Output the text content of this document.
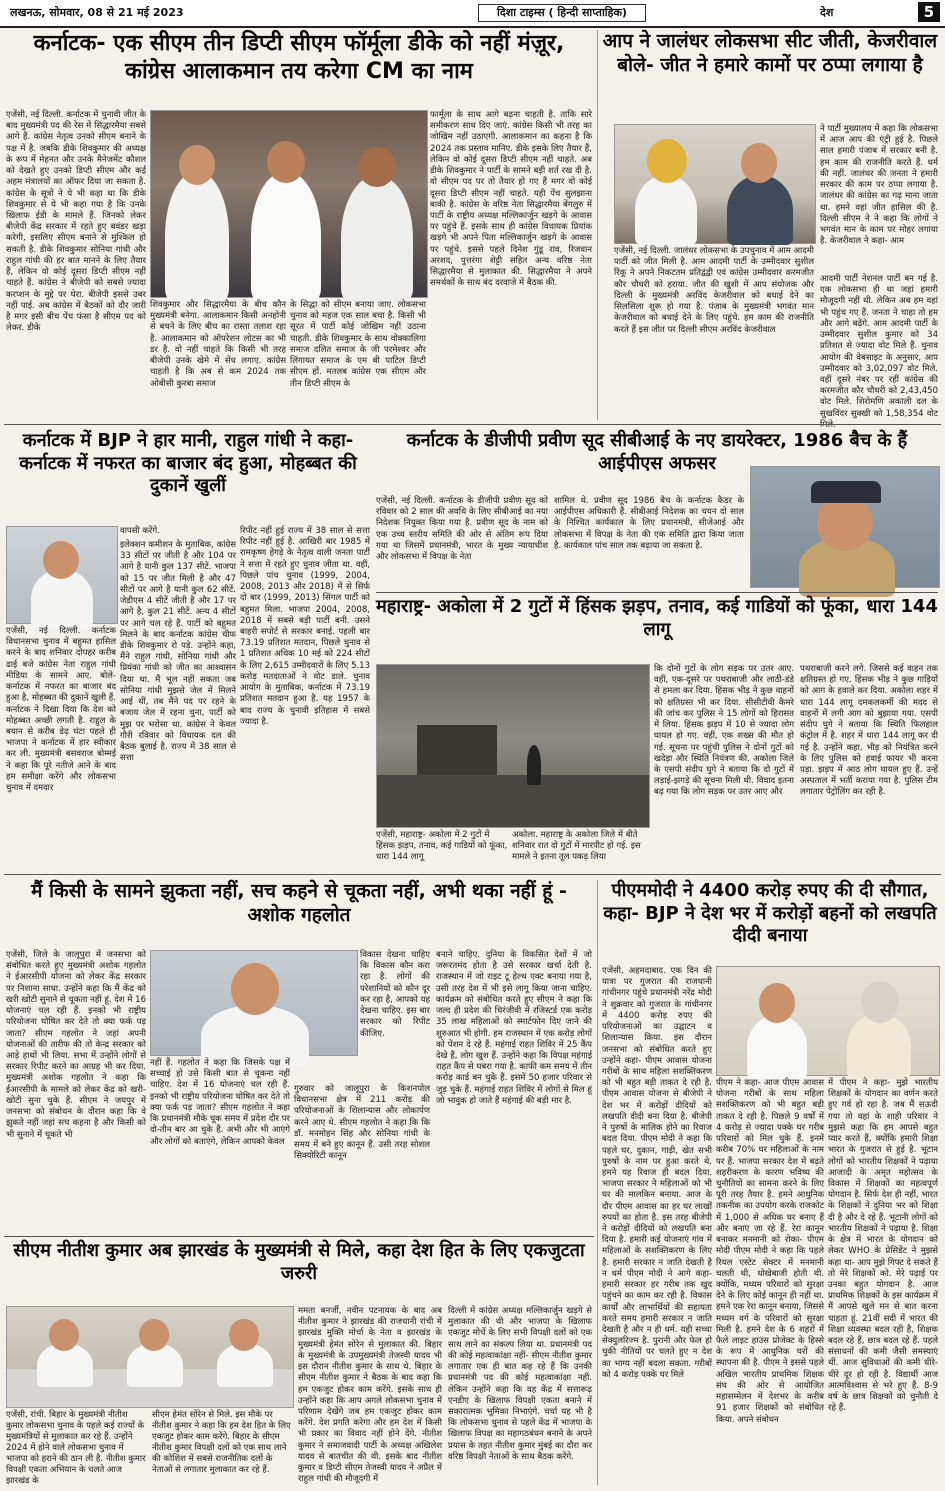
लखनऊ, सोमवार, 08 से 21 मई 2023	दिशा टाइम्स ( हिन्दी साप्ताहिक)	देश	5
कर्नाटक- एक सीएम तीन डिप्टी सीएम फॉर्मूला डीके को नहीं मंज़ूर, कांग्रेस आलाकमान तय करेगा CM का नाम
एजेंसी, नई दिल्ली. कर्नाटक में चुनावी जीत के बाद मुख्यमंत्री पद की रेस में सिद्धारमैया सबसे आगे हैं. कांग्रेस नेतृत्व उनको सीएम बनाने के पक्ष में है. जबकि डीके शिवकुमार की अध्यक्ष के रूप में मेहनत और उनके मैनेजमेंट कौशल को देखते हुए उनको डिप्टी सीएम और कई अहम मंत्रालयों का ऑफर दिया जा सकता है. कांग्रेस के सूत्रों ने ये भी कहा था कि डीके शिवकुमार से ये भी कहा गया है कि उनके खिलाफ ईडी के मामले हैं. जिनको लेकर बीजेपी केंद्र सरकार में रहते हुए बवंडर खड़ा करेगी, इसलिए सीएम बनाने से मुश्किल हो सकती है. डीके शिवकुमार सोनिया गांधी और राहुल गांधी की हर बात मानने के लिए तैयार हैं, लेकिन वो कोई दूसरा डिप्टी सीएम नहीं चाहते हैं. कांग्रेस ने बीजेपी को सबसे ज्यादा करप्शन के मुद्दे पर घेरा. बीजेपी इससे उबर नहीं पाई. अब कांग्रेस में बैठकों को दौर जारी है मगर इसी बीच पेंच फंसा है सीएम पद को लेकर. डीके
शिवकुमार और सिद्धारमैया के बीच कौन मुख्यमंत्री बनेगा. आलाकमान किसी अनहोनी से बचने के लिए बीच का रास्ता तलाश रहा है. आलाकमान को ऑपरेशन लोटस का भी डर है. वो नहीं चाहते कि किसी भी तरह बीजेपी उनके खेमे में सेंध लगाए. कांग्रेस चाहती है कि अब से कम 2024 तक ओबीसी कुरबा समाज
के सिद्धा को सीएम बनाया जाए. लोकसभा चुनाव को महज एक साल बचा है. किसी भी सूरत में पार्टी कोई जोखिम नहीं उठाना चाहती. डीके शिवकुमार के साथ वोक्कालिगा समाज दलित समाज के जी परमेश्वर और लिंगायत समाज के एम बी पाटिल डिप्टी सीएम हों. मतलब कांग्रेस एक सीएम और तीन डिप्टी सीएम के
फार्मूला के साथ आगे बढ़ना चाहती है. ताकि सारे समीकरण साध दिए जाएं. कांग्रेस किसी भी तरह का जोखिम नहीं उठाएगी. आलाकमान का कहना है कि 2024 तक प्रस्ताव मानिए. डीके इसके लिए तैयार हैं, लेकिन वो कोई दूसरा डिप्टी सीएम नहीं चाहते. अब डीके शिवकुमार ने पार्टी के सामने बड़ी शर्त रख दी है. वो सीएम पद पर तो तैयार हो गए हैं मगर वो कोई दूसरा डिप्टी सीएम नहीं चाहते. यही पेंच सुलझाना बाकी है. कांग्रेस के वरिष्ठ नेता सिद्धारमैया बेंगलुरु में पार्टी के राष्ट्रीय अध्यक्ष मल्लिकार्जुन खड़गे के आवास पर पहुंचे हैं. इसके साथ ही कांग्रेस विधायक प्रियांक खड़गे भी अपने पिता मल्लिकार्जुन खड़गे के आवास पर पहुंचे. इससे पहले दिनेश गुंडू राव, रिजवान अरशद, पुत्तरंगा शेट्टी सहित अन्य वरिष्ठ नेता सिद्धारमैया से मुलाकात की. सिद्धारमैया ने अपने समर्थकों के साथ बंद दरवाजे में बैठक की.
आप ने जालंधर लोकसभा सीट जीती, केजरीवाल बोले- जीत ने हमारे कामों पर ठप्पा लगाया है
ने पार्टी मुख्यालय में कहा कि लोकसभा में आज आप की एंट्री हुई है. पिछले साल हमारी पंजाब में सरकार बनी है. हम काम की राजनीति करते हैं. धर्म की नहीं. जालंधर की जनता ने हमारी सरकार की काम पर ठप्पा लगाया है. जालंधर की कांग्रेस का गढ़ माना जाता था. हमने वहां जीत हासिल की है. दिल्ली सीएम ने ने कहा कि लोगों ने भगवंत मान के काम पर मोहर लगाया है. केजरीवाल ने कहा- आम
एजेंसी, नई दिल्ली. जालंधर लोकसभा के उपचुनाव में आम आदमी पार्टी को जीत मिली है. आम आदमी पार्टी के उम्मीदवार सुशील रिंकू ने अपने निकटतम प्रतिद्वंद्वी एवं कांग्रेस उम्मीदवार करमजीत कौर चौधरी को हराया. जीत की खुशी में आप संयोजक और दिल्ली के मुख्यमंत्री अरविंद केजरीवाल को बधाई देने का सिलसिला शुरू हो गया है. पंजाब के मुख्यमंत्री भगवंत मान केजरीवाल को बधाई देने के लिए पहुंचे. हम काम की राजनीति करते हैं इस जीत पर दिल्ली सीएम अरविंद केजरीवाल
आदमी पार्टी नेशनल पार्टी बन गई है. एक लोकसभा ही था जहां हमारी मौजूदगी नहीं थी. लेकिन अब हम वहां भी पहुंच गए हैं. जनता ने चाहा तो हम और आगे बढ़ेंगे. आम आदमी पार्टी के उम्मीदवार सुशील कुमार को 34 प्रतिशत से ज्यादा वोट मिले हैं. चुनाव आयोग की वेबसाइट के अनुसार, आप उम्मीदवार को 3,02,097 वोट मिले. वहीं दूसरे नंबर पर रहीं कांग्रेस की करमजीत कौर चौधरी को 2,43,450 वोट मिले. शिरोमणि अकाली दल के सुखविंदर सुक्खी को 1,58,354 वोट
कर्नाटक में BJP ने हार मानी, राहुल गांधी ने कहा- कर्नाटक में नफरत का बाजार बंद हुआ, मोहब्बत की दुकानें खुलीं
वापसी करेंगे.
एजेंसी, नई दिल्ली. कर्नाटक विधानसभा चुनाव में बहुमत हासिल करने के बाद शनिवार दोपहर करीब ढाई बजे कांग्रेस नेता राहुल गांधी मीडिया के सामने आए. बोले- कर्नाटक में नफरत का बाजार बंद हुआ है, मोहब्बत की दुकानें खुली हैं. कर्नाटक ने दिखा दिया कि देश को मोहब्बत अच्छी लगती है. राहुल के बयान से करीब डेढ़ घंटा पहले ही भाजपा ने कर्नाटक में हार स्वीकार कर ली. मुख्यमंत्री बसवराज बोम्मई ने कहा कि पूरे नतीजे आने के बाद हम समीक्षा करेंगे और लोकसभा चुनाव में दमदार
इलेक्शन कमीशन के मुताबिक, कांग्रेस 33 सीटों पर जीती है और 104 पर आगे है यानी कुल 137 सीटें. भाजपा को 15 पर जीत मिली है और 47 सीटों पर आगे है यानी कुल 62 सीटें. जेडीएस 4 सीटें जीती है और 17 पर आगे है, कुल 21 सीटें. अन्य 4 सीटों पर आगे चल रहे हैं. पार्टी को बहुमत मिलने के बाद कर्नाटक कांग्रेस चीफ डीके शिवकुमार रो पड़े. उन्होंने कहा, मैंने राहुल गांधी, सोनिया गांधी और प्रियंका गांधी को जीत का आश्वासन दिया था. मैं भूल नहीं सकता जब सोनिया गांधी मुझसे जेल में मिलने आई थीं, तब मैंने पद पर रहने के बजाय जेल में रहना चुना, पार्टी को मुझ पर भरोसा था. कांग्रेस ने केवल गौरी रविवार को विधायक दल की बैठक बुलाई है. राज्य में 38 साल से सत्ता
रिपीट नहीं हुई राज्य में 38 साल से सत्ता रिपीट नहीं हुई है. आखिरी बार 1985 में रामकृष्ण हेगड़े के नेतृत्व वाली जनता पार्टी ने सत्ता में रहते हुए चुनाव जीता था. वहीं, पिछले पांच चुनाव (1999, 2004, 2008, 2013 और 2018) में से सिर्फ दो बार (1999, 2013) सिंगल पार्टी को बहुमत मिला. भाजपा 2004, 2008, 2018 में सबसे बड़ी पार्टी बनी. उसने बाहरी सपोर्ट से सरकार बनाई. पहली बार 73.19 प्रतिशत मतदान, पिछले चुनाव से 1 प्रतिशत अधिक 10 मई को 224 सीटों के लिए 2,615 उम्मीदवारों के लिए 5.13 करोड़ मतदाताओं ने वोट डाले. चुनाव आयोग के मुताबिक, कर्नाटक में 73.19 प्रतिशत मतदान हुआ है. यह 1957 के बाद राज्य के चुनावी इतिहास में सबसे ज्यादा है.
कर्नाटक के डीजीपी प्रवीण सूद सीबीआई के नए डायरेक्टर, 1986 बैच के हैं आईपीएस अफसर
एजेंसी, नई दिल्ली. कर्नाटक के डीजीपी प्रवीण सूद को रविवार को 2 साल की अवधि के लिए सीबीआई का नया निदेशक नियुक्त किया गया है. प्रवीण सूद के नाम को एक उच्च स्तरीय समिति की ओर से अंतिम रूप दिया गया था जिसमें प्रधानमंत्री, भारत के मुख्य न्यायाधीश और लोकसभा में विपक्ष के नेता
शामिल थे. प्रवीण सूद 1986 बैच के कर्नाटक कैडर के आईपीएस अधिकारी हैं. सीबीआई निदेशक का चयन दो साल के निश्चित कार्यकाल के लिए प्रधानमंत्री, सीजेआई और लोकसभा में विपक्ष के नेता की एक समिति द्वारा किया जाता है. कार्यकाल पांच साल तक बढ़ाया जा सकता है.
महाराष्ट्र- अकोला में 2 गुटों में हिंसक झड़प, तनाव, कई गाडियों को फूंका, धारा 144 लागू
एजेंसी, महाराष्ट्र- अकोला में 2 गुटों में हिंसक झड़प, तनाव, कई गाडियों को फूंका, धारा 144 लागू
अकोला. महाराष्ट्र के अकोला जिले में बीते शनिवार रात दो गुटों में मारपीट हो गई. इस मामले ने इतना तूल पकड़ लिया
कि दोनों गुटों के लोग सड़क पर उतर आए. वहीं, एक-दूसरे पर पथराबाजी और लाठी-डंडे से हमला कर दिया. हिंसक भीड़ ने कुछ वाहनों को क्षतिग्रस्त भी कर दिया. सीसीटीवी कैमरे की जांच कर पुलिस ने 15 लोगों को हिरासत में लिया. हिंसक झड़प में 10 से ज्यादा लोग घायल हो गए. वहीं, एक शख्स की मौत हो गई. सूचना पर पहुंची पुलिस ने दोनों गुटों को खदेड़ा और स्थिति नियंत्रण की. अकोला जिले के एसपी संदीप घुगे ने बताया कि दो गुटों में लड़ाई-झगड़े की सूचना मिली थी. विवाद इतना बढ़ गया कि लोग सड़क पर उतर आए और
पथराबाजी करने लगे. जिससे कई वाहन तक क्षतिग्रस्त हो गए. हिंसक भीड़ ने कुछ गाड़ियों को आग के हवाले कर दिया. अकोला शहर में धारा 144 लागू दमकलकर्मी की मदद से वाहनों में लगी आग को बुझाया गया. एसपी संदीप घुगे ने बताया कि स्थिति फिलहाल कंट्रोल में है. शहर में धारा 144 लागू कर दी गई है. उन्होंने कहा, भीड़ को नियंत्रित करने के लिए पुलिस को हवाई फायर भी करना पड़ा. झड़प में आठ लोग घायल हुए हैं. उन्हें अस्पताल में भर्ती कराया गया है. पुलिस टीम लगातार पेट्रोलिंग कर रही है.
मैं किसी के सामने झुकता नहीं, सच कहने से चूकता नहीं, अभी थका नहीं हूं - अशोक गहलोत
एजेंसी, जिले के जालूपुरा में जनसभा को संबोधित करते हुए मुख्यमंत्री अशोक गहलोत ने ईआरसीपी योजना को लेकर केंद्र सरकार पर निशाना साधा. उन्होंने कहा कि मैं केंद्र को खरी खोटी सुनाने से चूकता नहीं हूं. देश में 16 योजनाएं चल रही हैं. इनको भी राष्ट्रीय परियोजना घोषित कर देते तो क्या फर्क पड़ जाता? सीएम गहलोत ने जहां अपनी योजनाओं की तारीफ की तो केन्द्र सरकार को आड़े हाथों भी लिया. सभा में उन्होंने लोगों से सरकार रिपीट करने का आग्रह भी कर दिया. मुख्यमंत्री अशोक गहलोत ने कहा कि ईआरसीपी के मामले को लेकर केंद्र को खरी-खोटी सुना चुके हैं. सीएम ने जयपुर में जनसभा को संबोधन के दौरान कहा कि वे झुकते नहीं जहां सच कहना है और किसी को भी सुनाने में चूकते भी
विकास देखना चाहिए कि विकास कौन करा रहा है. लोगों की परेशानियों को कौन दूर कर रहा है, आपको यह देखना चाहिए. इस बार सरकार को रिपीट कीजिए.
नहीं हैं. गहलोत ने कहा कि जिसके पक्ष में सच्चाई हो उसे किसी बात से चूकना नहीं चाहिए. देश में 16 योजनाएं चल रही हैं. इनको भी राष्ट्रीय परियोजना घोषित कर देते तो क्या फर्क पड़ जाता? सीएम गहलोत ने कहा कि प्रधानमंत्री मौके चूक समय में प्रदेश दौर पर दो-तीन बार आ चुके हैं. अभी और भी आएंगे और लोगों को बताएंगे, लेकिन आपको केवल
गुरुवार को जालूपुरा के किशनपोल विधानसभा क्षेत्र में 211 करोड़ की परियोजनाओं के शिलान्यास और लोकार्पण करने आए थे. सीएम गहलोत ने कहा कि कि डॉ. मनमोहन सिंह और सोनिया गांधी के समय में बने हुए कानून हैं. उसी तरह सोशल सिक्योरिटी कानून
बनाने चाहिए. दुनिया के विकसित देशों में जो जरूरतमंद होता है उसे सरकार खर्चा देती है. राजस्थान में जो राइट टू हेल्थ एक्ट बनाया गया है, उसी तरह देश में भी इसे लागू किया जाना चाहिए. कार्यक्रम को संबोधित करते हुए सीएम ने कहा कि जल्द ही प्रदेश की चिरंजीवी में रजिस्टर्ड एक करोड़ 35 लाख महिलाओं को स्मार्टफोन दिए जाने की शुरुआत भी होगी. हम राजस्थान में एक करोड़ लोगों को पेंशन दे रहे हैं. महंगाई राहत शिविर में 25 कैंप देखे हैं, लोग खुश हैं. उन्होंने कहा कि विपक्ष महंगाई राहत कैंप से घबरा गया है. काफी कम समय में तीन करोड़ कार्ड बन चुके हैं. इसमें 50 हजार परिवार से जुड़ चुके हैं. महंगाई राहत शिविर में लोगों से मिल हूं जो भावुक हो जाते हैं महंगाई की बड़ी मार है.
पीएममोदी ने 4400 करोड़ रुपए की दी सौगात, कहा- BJP ने देश भर में करोड़ों बहनों को लखपति दीदी बनाया
एजेंसी, अहमदाबाद. एक दिन की यात्रा पर गुजरात की राजधानी गांधीनगर पहुंचे प्रधानमंत्री नरेंद्र मोदी ने शुक्रवार को गुजरात के गांधीनगर में 4400 करोड़ रुपए की परियोजनाओं का उद्घाटन व शिलान्यास किया. इस दौरान जनसभा को संबोधित करते हुए उन्होंने कहा- पीएम आवास योजना गरीबों के साथ महिला सशक्तिकरण को भी बहुत बड़ी ताकत दे रही है. पीएम आवास योजना से बीजेपी ने देश भर में करोड़ों दीदियों को लखपति दीदी बना दिया है. बीजेपी ने पुरुषों के मालिक होने का रिवाज बदल दिया. पीएम मोदी ने कहा कि पहले घर, दुकान, गाड़ी, खेत सभी पुरुषों के नाम पर हुआ करते थे. हमने यह रिवाज ही बदल दिया. भाजपा सरकार ने महिलाओं को भी घर की मालकिन बनाया. आज के दौर पीएम आवास का हर घर लाखों रुपयों का होता है. इस तरह बीजेपी ने करोड़ों दीदियों को लखपति बना दिया है. हमारी कई योजनाएं गांव में महिलाओं के सशक्तिकरण के लिए है. हमारी सरकार न जाति देखती है न धर्म पीएम मोदी ने आगे कहा- हमारी सरकार हर गरीब तक खुद पहुंचने का काम कर रही है. विकास कार्यों और लाभार्थियों की सहायता करते समय हमारी सरकार न जाति देखती है और न ही धर्म. यही सच्चा सेक्युलरिज्म है. पुरानी और फेल हो चुकी नीतियों पर चलते हुए न देश का भाग्य नहीं बदला सकता. गरीबों को 4 करोड़ पक्के घर मिले
पीएम ने कहा- आज पीएम आवास योजना गरीबों के साथ महिला सशक्तिकरण को भी बहुत बड़ी ताकत दे रही है. पिछले 9 वर्षों में 4 करोड़ से ज्यादा पक्के घर गरीब परिवारों को मिल चुके हैं. इनमें करीब 70% घर महिलाओं के नाम पर हैं. भाजपा सरकार देश में बढ़ते शहरीकरण के कारण भविष्य की चुनौतियों का सामना करने के लिए पूरी तरह तैयार है. हमने आधुनिक तकनीक का उपयोग करके राजकोट में 1,000 से अधिक घर बनाए हैं और बनाए जा रहे हैं. रेरा कानून बनाकर मनमानी को रोका- पीएम मोदी पीएम मोदी ने कहा कि पहले रियल एस्टेट सेक्टर में मनमानी चलती थी, धोखेबाजी होती थी. क्योंकि, मध्यम परिवारों को सुरक्षा देने के लिए कोई कानून ही नहीं था. हमने एक रेरा कानून बनाया, जिससे मध्यम वर्ग के परिवारों को सुरक्षा मिली है. हमने देश के 6 शहरों में फैले लाइट हाउस प्रोजेक्ट के हिस्से के रूप में आधुनिक घरों की स्थापना की है. पीएम ने इससे पहले अखिल भारतीय प्राथमिक शिक्षक संघ की ओर से आयोजित महासम्मेलन में देशभर के करीब 91 हजार शिक्षकों को संबोधित किया. अपने संबोधन
में पीएम ने कहा- मुझे भारतीय शिक्षकों के योगदान का वर्णन करते हुए गर्व हो रहा है. जब मैं सऊदी गया तो वहां के शाही परिवार ने मुझसे कहा कि हम आपसे बहुत प्यार करते हैं, क्योंकि हमारी शिक्षा भारत के गुजरात से हुई है. भूटान लोगों को भारतीय शिक्षकों ने पढ़ाया आजादी के अमृत महोत्सव के विकास में शिक्षकों का महत्वपूर्ण योगदान है. सिर्फ देश ही नहीं, भारत के शिक्षकों ने दुनिया भर को शिक्षा दी है और दे रहे हैं. भूटानी लोगों को भारतीय शिक्षकों ने पढ़ाया है. शिक्षा के क्षेत्र में भारत के योगदान को लेकर WHO के प्रेसिडेंट ने मुझसे कहा था- आप मुझे गिफ्ट दे सकते हैं तो मेरे शिक्षकों को. मेरे पढ़ाई पर उनका बहुत योगदान है. आज प्राथमिक शिक्षकों के इस कार्यक्रम में मैं आपसे खुले मन से बात करना चाहता हूं. 21वीं सदी में भारत की शिक्षा व्यवस्था बदल रही है, शिक्षक बदल रहे हैं, छात्र बदल रहे हैं. पहले संसाधनों की कमी जैसी समस्याएं थीं. आज सुविधाओं की कमी धीरे-धीरे दूर हो रही है. विद्यार्थी आज आत्मविश्वास से भरे हुए हैं. 8-9 वर्ष के छात्र शिक्षकों को चुनौती दे रहे हैं.
सीएम नीतीश कुमार अब झारखंड के मुख्यमंत्री से मिले, कहा देश हित के लिए एकजुटता जरुरी
एजेंसी, रांची. बिहार के मुख्यमंत्री नीतीश कुमार लोकसभा चुनाव के पहले कई राज्यों के मुख्यमंत्रियों से मुलाकात कर रहे हैं. उन्होंने 2024 में होने वाले लोकसभा चुनाव में भाजपा को हराने की ठान ली है. नीतीश कुमार विपक्षी एकता अभियान के चलते आज झारखंड के
सीएम हेमंत सोरेन से मिले. इस मौके पर नीतीश कुमार ने कहा कि हम देश हित के लिए एकजुट होकर काम करेंगे. बिहार के सीएम नीतीश कुमार विपक्षी दलों को एक साथ लाने की कोशिश में सबसे राजनीतिक दलों के नेताओं से लगातार मुलाकात कर रहे हैं.
ममता बनर्जी, नवीन पटनायक के बाद अब नीतीश कुमार ने झारखंड की राजधानी रांची में झारखंड मुक्ति मोर्चा के नेता व झारखंड के मुख्यमंत्री हेमंत सोरेन से मुलाकात की. बिहार के मुख्यमंत्री के उपमुख्यमंत्री तेजस्वी यादव भी इस दौरान नीतीश कुमार के साथ थे. बिहार के सीएम नीतीश कुमार ने बैठक के बाद कहा कि हम एकजुट होकर काम करेंगे. इसके साथ ही उन्होंने कहा कि आप अगले लोकसभा चुनाव में परिणाम देखेंगे जब हम एकजुट होकर काम करेंगे. देश प्रगति करेगा और हम देश में किसी भी प्रकार का विवाद नहीं होने देंगे. नीतीश कुमार ने समाजवादी पार्टी के अध्यक्ष अखिलेश यादव से बातचीत की थी. इसके बाद नीतीश कुमार व डिप्टी सीएम तेजस्वी यादव ने अप्रैल में राहुल गांधी की मौजूदगी में
दिल्ली में कांग्रेस अध्यक्ष मल्लिकार्जुन खड़गे से मुलाकात की थी और भाजपा के खिलाफ एकजुट मोर्चे के लिए सभी विपक्षी दलों को एक साथ लाने का संकल्प लिया था. प्रधानमंत्री पद की कोई महत्वाकांक्षा नहीं- सीएम नीतीश कुमार लगातार एक ही बात कह रहे हैं कि उनकी प्रधानमंत्री पद की कोई महत्वाकांक्षा नहीं. लेकिन उन्होंने कहा कि वह केंद्र में सत्तारूढ़ एनडीए के खिलाफ विपक्षी एकता बनाने में सकारात्मक भूमिका निभाएंगे. चर्चा यह भी है कि लोकसभा चुनाव से पहले केंद्र में भाजपा के खिलाफ विपक्ष का महागठबंधन बनाने के अपने प्रयास के तहत नीतीश कुमार मुंबई का दौरा कर वरिष्ठ विपक्षी नेताओं के साथ बैठक करेंगे.
